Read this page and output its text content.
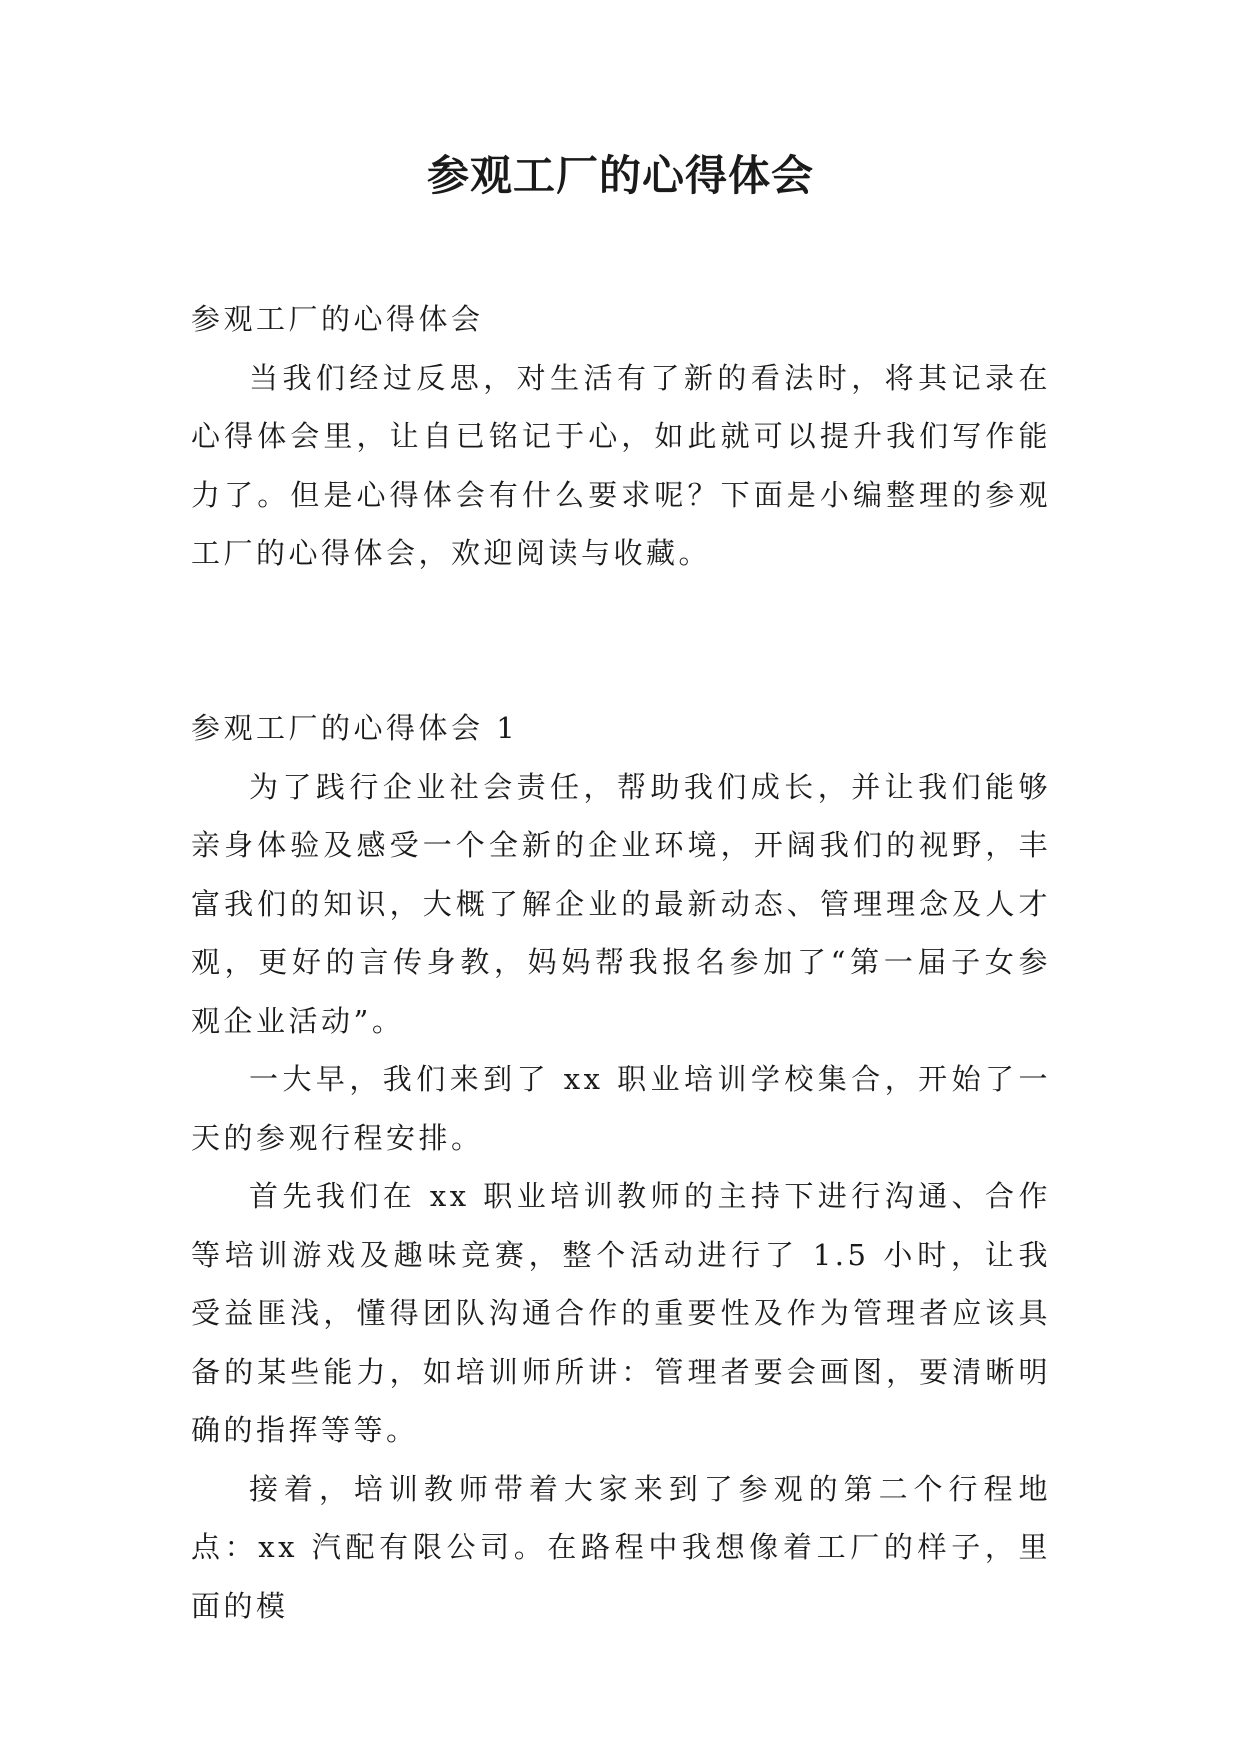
参观工厂的心得体会

参观工厂的心得体会

当我们经过反思，对生活有了新的看法时，将其记录在心得体会里，让自已铭记于心，如此就可以提升我们写作能力了。但是心得体会有什么要求呢？下面是小编整理的参观工厂的心得体会，欢迎阅读与收藏。

参观工厂的心得体会 1

为了践行企业社会责任，帮助我们成长，并让我们能够亲身体验及感受一个全新的企业环境，开阔我们的视野，丰富我们的知识，大概了解企业的最新动态、管理理念及人才观，更好的言传身教，妈妈帮我报名参加了“第一届子女参观企业活动”。

一大早，我们来到了 xx 职业培训学校集合，开始了一天的参观行程安排。

首先我们在 xx 职业培训教师的主持下进行沟通、合作等培训游戏及趣味竞赛，整个活动进行了 1.5 小时，让我受益匪浅，懂得团队沟通合作的重要性及作为管理者应该具备的某些能力，如培训师所讲：管理者要会画图，要清晰明确的指挥等等。

接着，培训教师带着大家来到了参观的第二个行程地点：xx 汽配有限公司。在路程中我想像着工厂的样子，里面的模
